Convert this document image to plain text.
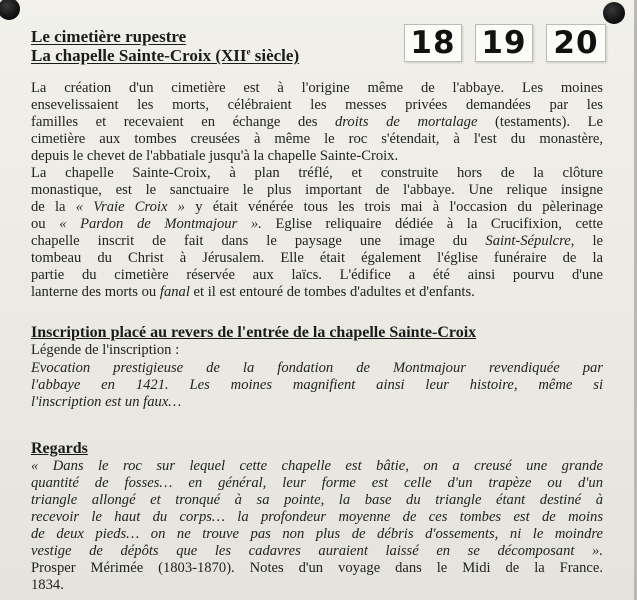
Le cimetière rupestre
La chapelle Sainte-Croix (XIIe siècle)	18 19 20
La création d'un cimetière est à l'origine même de l'abbaye. Les moines
ensevelissaient les morts, célébraient les messes privées demandées par les
familles et recevaient en échange des droits de mortalage (testaments). Le
cimetière aux tombes creusées à même le roc s'étendait, à l'est du monastère,
depuis le chevet de l'abbatiale jusqu'à la chapelle Sainte-Croix.
La chapelle Sainte-Croix, à plan tréflé, et construite hors de la clôture
monastique, est le sanctuaire le plus important de l'abbaye. Une relique insigne
de la « Vraie Croix » y était vénérée tous les trois mai à l'occasion du pèlerinage
ou « Pardon de Montmajour ». Eglise reliquaire dédiée à la Crucifixion, cette
chapelle inscrit de fait dans le paysage une image du Saint-Sépulcre, le
tombeau du Christ à Jérusalem. Elle était également l'église funéraire de la
partie du cimetière réservée aux laïcs. L'édifice a été ainsi pourvu d'une
lanterne des morts ou fanal et il est entouré de tombes d'adultes et d'enfants.
Inscription placé au revers de l'entrée de la chapelle Sainte-Croix
Légende de l'inscription :
Evocation prestigieuse de la fondation de Montmajour revendiquée par
l'abbaye en 1421. Les moines magnifient ainsi leur histoire, même si
l'inscription est un faux…
Regards
« Dans le roc sur lequel cette chapelle est bâtie, on a creusé une grande
quantité de fosses… en général, leur forme est celle d'un trapèze ou d'un
triangle allongé et tronqué à sa pointe, la base du triangle étant destiné à
recevoir le haut du corps… la profondeur moyenne de ces tombes est de moins
de deux pieds… on ne trouve pas non plus de débris d'ossements, ni le moindre
vestige de dépôts que les cadavres auraient laissé en se décomposant ».
Prosper Mérimée (1803-1870). Notes d'un voyage dans le Midi de la France.
1834.
